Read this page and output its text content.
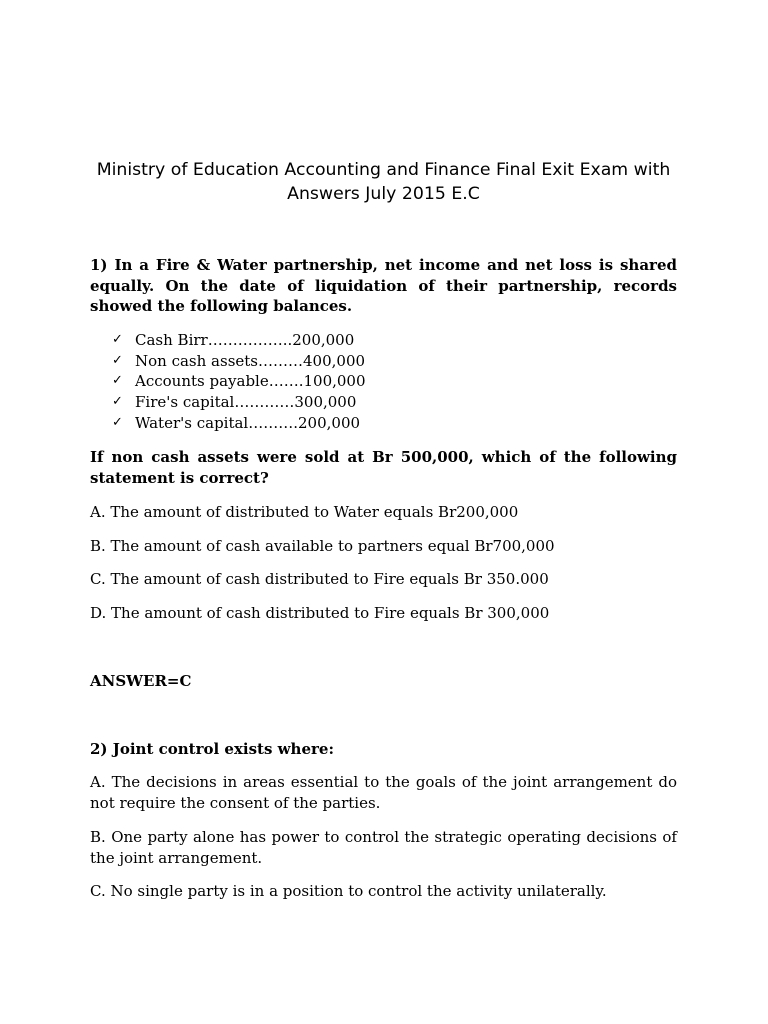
Ministry of Education Accounting and Finance Final Exit Exam with Answers July 2015 E.C

1) In a Fire & Water partnership, net income and net loss is shared equally. On the date of liquidation of their partnership, records showed the following balances.

✓ Cash Birr……………..200,000
✓ Non cash assets………400,000
✓ Accounts payable…….100,000
✓ Fire's capital…………300,000
✓ Water's capital……….200,000

If non cash assets were sold at Br 500,000, which of the following statement is correct?

A. The amount of distributed to Water equals Br200,000

B. The amount of cash available to partners equal Br700,000

C. The amount of cash distributed to Fire equals Br 350.000

D. The amount of cash distributed to Fire equals Br 300,000

ANSWER=C

2) Joint control exists where:

A. The decisions in areas essential to the goals of the joint arrangement do not require the consent of the parties.

B. One party alone has power to control the strategic operating decisions of the joint arrangement.

C. No single party is in a position to control the activity unilaterally.
